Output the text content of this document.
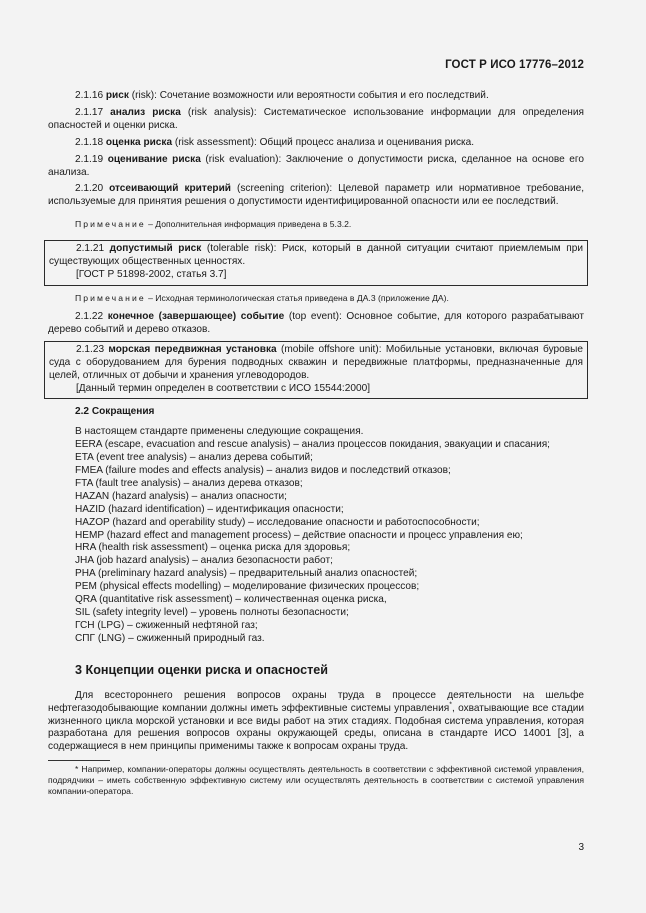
ГОСТ Р ИСО 17776–2012

2.1.16 риск (risk): Сочетание возможности или вероятности события и его последствий.

2.1.17 анализ риска (risk analysis): Систематическое использование информации для определения опасностей и оценки риска.

2.1.18 оценка риска (risk assessment): Общий процесс анализа и оценивания риска.

2.1.19 оценивание риска (risk evaluation): Заключение о допустимости риска, сделанное на основе его анализа.

2.1.20 отсеивающий критерий (screening criterion): Целевой параметр или нормативное требование, используемые для принятия решения о допустимости идентифицированной опасности или ее последствий.

Примечание – Дополнительная информация приведена в 5.3.2.

2.1.21 допустимый риск (tolerable risk): Риск, который в данной ситуации считают приемлемым при существующих общественных ценностях.

[ГОСТ Р 51898-2002, статья 3.7]

Примечание – Исходная терминологическая статья приведена в ДА.3 (приложение ДА).

2.1.22 конечное (завершающее) событие (top event): Основное событие, для которого разрабатывают дерево событий и дерево отказов.

2.1.23 морская передвижная установка (mobile offshore unit): Мобильные установки, включая буровые суда с оборудованием для бурения подводных скважин и передвижные платформы, предназначенные для целей, отличных от добычи и хранения углеводородов.

[Данный термин определен в соответствии с ИСО 15544:2000]

2.2 Сокращения

В настоящем стандарте применены следующие сокращения.

EERA (escape, evacuation and rescue analysis) – анализ процессов покидания, эвакуации и спасания;

ETA (event tree analysis) – анализ дерева событий;

FMEA (failure modes and effects analysis) – анализ видов и последствий отказов;

FTA (fault tree analysis) – анализ дерева отказов;

HAZAN (hazard analysis) – анализ опасности;

HAZID (hazard identification) – идентификация опасности;

HAZOP (hazard and operability study) – исследование опасности и работоспособности;

HEMP (hazard effect and management process) – действие опасности и процесс управления ею;

HRA (health risk assessment) – оценка риска для здоровья;

JHA (job hazard analysis) – анализ безопасности работ;

PHA (preliminary hazard analysis) – предварительный анализ опасностей;

PEM (physical effects modelling) – моделирование физических процессов;

QRA (quantitative risk assessment) – количественная оценка риска,

SIL (safety integrity level) – уровень полноты безопасности;

ГСН (LPG) – сжиженный нефтяной газ;

СПГ (LNG) – сжиженный природный газ.

3 Концепции оценки риска и опасностей

Для всестороннего решения вопросов охраны труда в процессе деятельности на шельфе нефтегазодобывающие компании должны иметь эффективные системы управления*, охватывающие все стадии жизненного цикла морской установки и все виды работ на этих стадиях. Подобная система управления, которая разработана для решения вопросов охраны окружающей среды, описана в стандарте ИСО 14001 [3], а содержащиеся в нем принципы применимы также к вопросам охраны труда.

* Например, компании-операторы должны осуществлять деятельность в соответствии с эффективной системой управления, подрядчики – иметь собственную эффективную систему или осуществлять деятельность в соответствии с системой управления компании-оператора.

3
